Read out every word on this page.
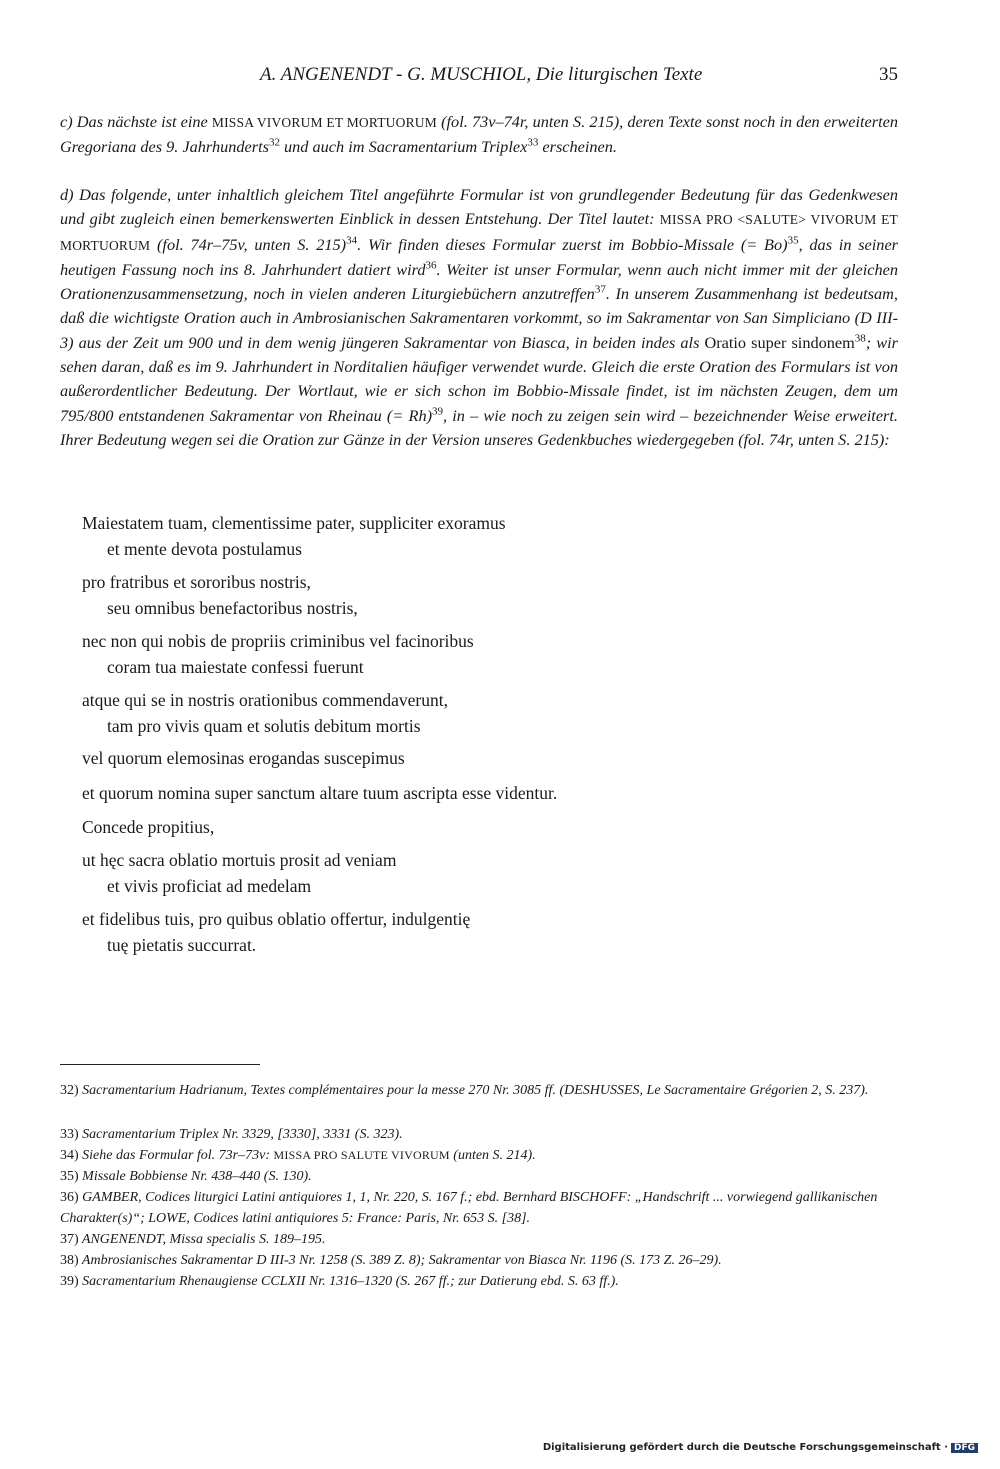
A. ANGENENDT - G. MUSCHIOL, Die liturgischen Texte	35

c) Das nächste ist eine MISSA VIVORUM ET MORTUORUM (fol. 73v–74r, unten S. 215), deren Texte sonst noch in den erweiterten Gregoriana des 9. Jahrhunderts$^{32}$ und auch im Sacramentarium Triplex$^{33}$ erscheinen.

d) Das folgende, unter inhaltlich gleichem Titel angeführte Formular ist von grundlegender Bedeutung für das Gedenkwesen und gibt zugleich einen bemerkenswerten Einblick in dessen Entstehung. Der Titel lautet: MISSA PRO <SALUTE> VIVORUM ET MORTUORUM (fol. 74r–75v, unten S. 215)$^{34}$. Wir finden dieses Formular zuerst im Bobbio-Missale (= Bo)$^{35}$, das in seiner heutigen Fassung noch ins 8. Jahrhundert datiert wird$^{36}$. Weiter ist unser Formular, wenn auch nicht immer mit der gleichen Orationenzusammensetzung, noch in vielen anderen Liturgiebüchern anzutreffen$^{37}$. In unserem Zusammenhang ist bedeutsam, daß die wichtigste Oration auch in Ambrosianischen Sakramentaren vorkommt, so im Sakramentar von San Simpliciano (D III-3) aus der Zeit um 900 und in dem wenig jüngeren Sakramentar von Biasca, in beiden indes als Oratio super sindonem$^{38}$; wir sehen daran, daß es im 9. Jahrhundert in Norditalien häufiger verwendet wurde. Gleich die erste Oration des Formulars ist von außerordentlicher Bedeutung. Der Wortlaut, wie er sich schon im Bobbio-Missale findet, ist im nächsten Zeugen, dem um 795/800 entstandenen Sakramentar von Rheinau (= Rh)$^{39}$, in – wie noch zu zeigen sein wird – bezeichnender Weise erweitert. Ihrer Bedeutung wegen sei die Oration zur Gänze in der Version unseres Gedenkbuches wiedergegeben (fol. 74r, unten S. 215):

Maiestatem tuam, clementissime pater, suppliciter exoramus
et mente devota postulamus
pro fratribus et sororibus nostris,
seu omnibus benefactoribus nostris,
nec non qui nobis de propriis criminibus vel facinoribus
coram tua maiestate confessi fuerunt
atque qui se in nostris orationibus commendaverunt,
tam pro vivis quam et solutis debitum mortis
vel quorum elemosinas erogandas suscepimus
et quorum nomina super sanctum altare tuum ascripta esse videntur.
Concede propitius,
ut hęc sacra oblatio mortuis prosit ad veniam
et vivis proficiat ad medelam
et fidelibus tuis, pro quibus oblatio offertur, indulgentię
tuę pietatis succurrat.
32) Sacramentarium Hadrianum, Textes complémentaires pour la messe 270 Nr. 3085 ff. (DESHUSSES, Le Sacramentaire Grégorien 2, S. 237).
33) Sacramentarium Triplex Nr. 3329, [3330], 3331 (S. 323).
34) Siehe das Formular fol. 73r–73v: MISSA PRO SALUTE VIVORUM (unten S. 214).
35) Missale Bobbiense Nr. 438–440 (S. 130).
36) GAMBER, Codices liturgici Latini antiquiores 1, 1, Nr. 220, S. 167 f.; ebd. Bernhard BISCHOFF: „Handschrift ... vorwiegend gallikanischen Charakter(s)“; LOWE, Codices latini antiquiores 5: France: Paris, Nr. 653 S. [38].
37) ANGENENDT, Missa specialis S. 189–195.
38) Ambrosianisches Sakramentar D III-3 Nr. 1258 (S. 389 Z. 8); Sakramentar von Biasca Nr. 1196 (S. 173 Z. 26–29).
39) Sacramentarium Rhenaugiense CCLXII Nr. 1316–1320 (S. 267 ff.; zur Datierung ebd. S. 63 ff.).
Digitalisierung gefördert durch die Deutsche Forschungsgemeinschaft · DFG
